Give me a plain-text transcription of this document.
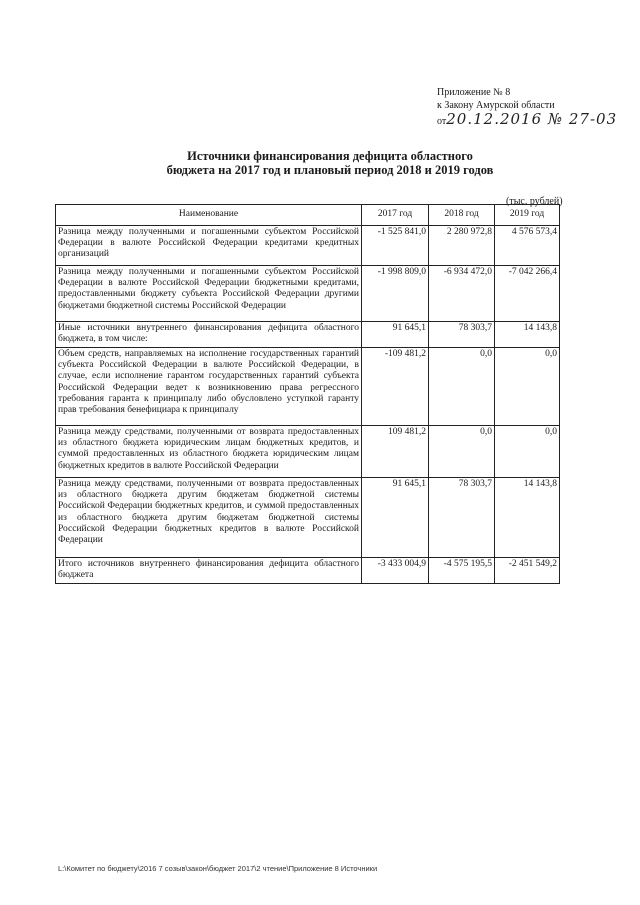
Приложение № 8
к Закону Амурской области
от20.12.2016 № 27-03
Источники финансирования дефицита областного
бюджета на 2017 год и плановый период 2018 и 2019 годов
(тыс. рублей)
Наименование	2017 год	2018 год	2019 год
Разница между полученными и погашенными субъектом Российской Федерации в валюте Российской Федерации кредитами кредитных организаций	-1 525 841,0	2 280 972,8	4 576 573,4
Разница между полученными и погашенными субъектом Российской Федерации в валюте Российской Федерации бюджетными кредитами, предоставленными бюджету субъекта Российской Федерации другими бюджетами бюджетной системы Российской Федерации	-1 998 809,0	-6 934 472,0	-7 042 266,4
Иные источники внутреннего финансирования дефицита областного бюджета, в том числе:	91 645,1	78 303,7	14 143,8
Объем средств, направляемых на исполнение государственных гарантий субъекта Российской Федерации в валюте Российской Федерации, в случае, если исполнение гарантом государственных гарантий субъекта Российской Федерации ведет к возникновению права регрессного требования гаранта к принципалу либо обусловлено уступкой гаранту прав требования бенефициара к принципалу	-109 481,2	0,0	0,0
Разница между средствами, полученными от возврата предоставленных из областного бюджета юридическим лицам бюджетных кредитов, и суммой предоставленных из областного бюджета юридическим лицам бюджетных кредитов в валюте Российской Федерации	109 481,2	0,0	0,0
Разница между средствами, полученными от возврата предоставленных из областного бюджета другим бюджетам бюджетной системы Российской Федерации бюджетных кредитов, и суммой предоставленных из областного бюджета другим бюджетам бюджетной системы Российской Федерации бюджетных кредитов в валюте Российской Федерации	91 645,1	78 303,7	14 143,8
Итого источников внутреннего финансирования дефицита областного бюджета	-3 433 004,9	-4 575 195,5	-2 451 549,2
L:\Комитет по бюджету\2016 7 созыв\закон\бюджет 2017\2 чтение\Приложение 8 Источники
